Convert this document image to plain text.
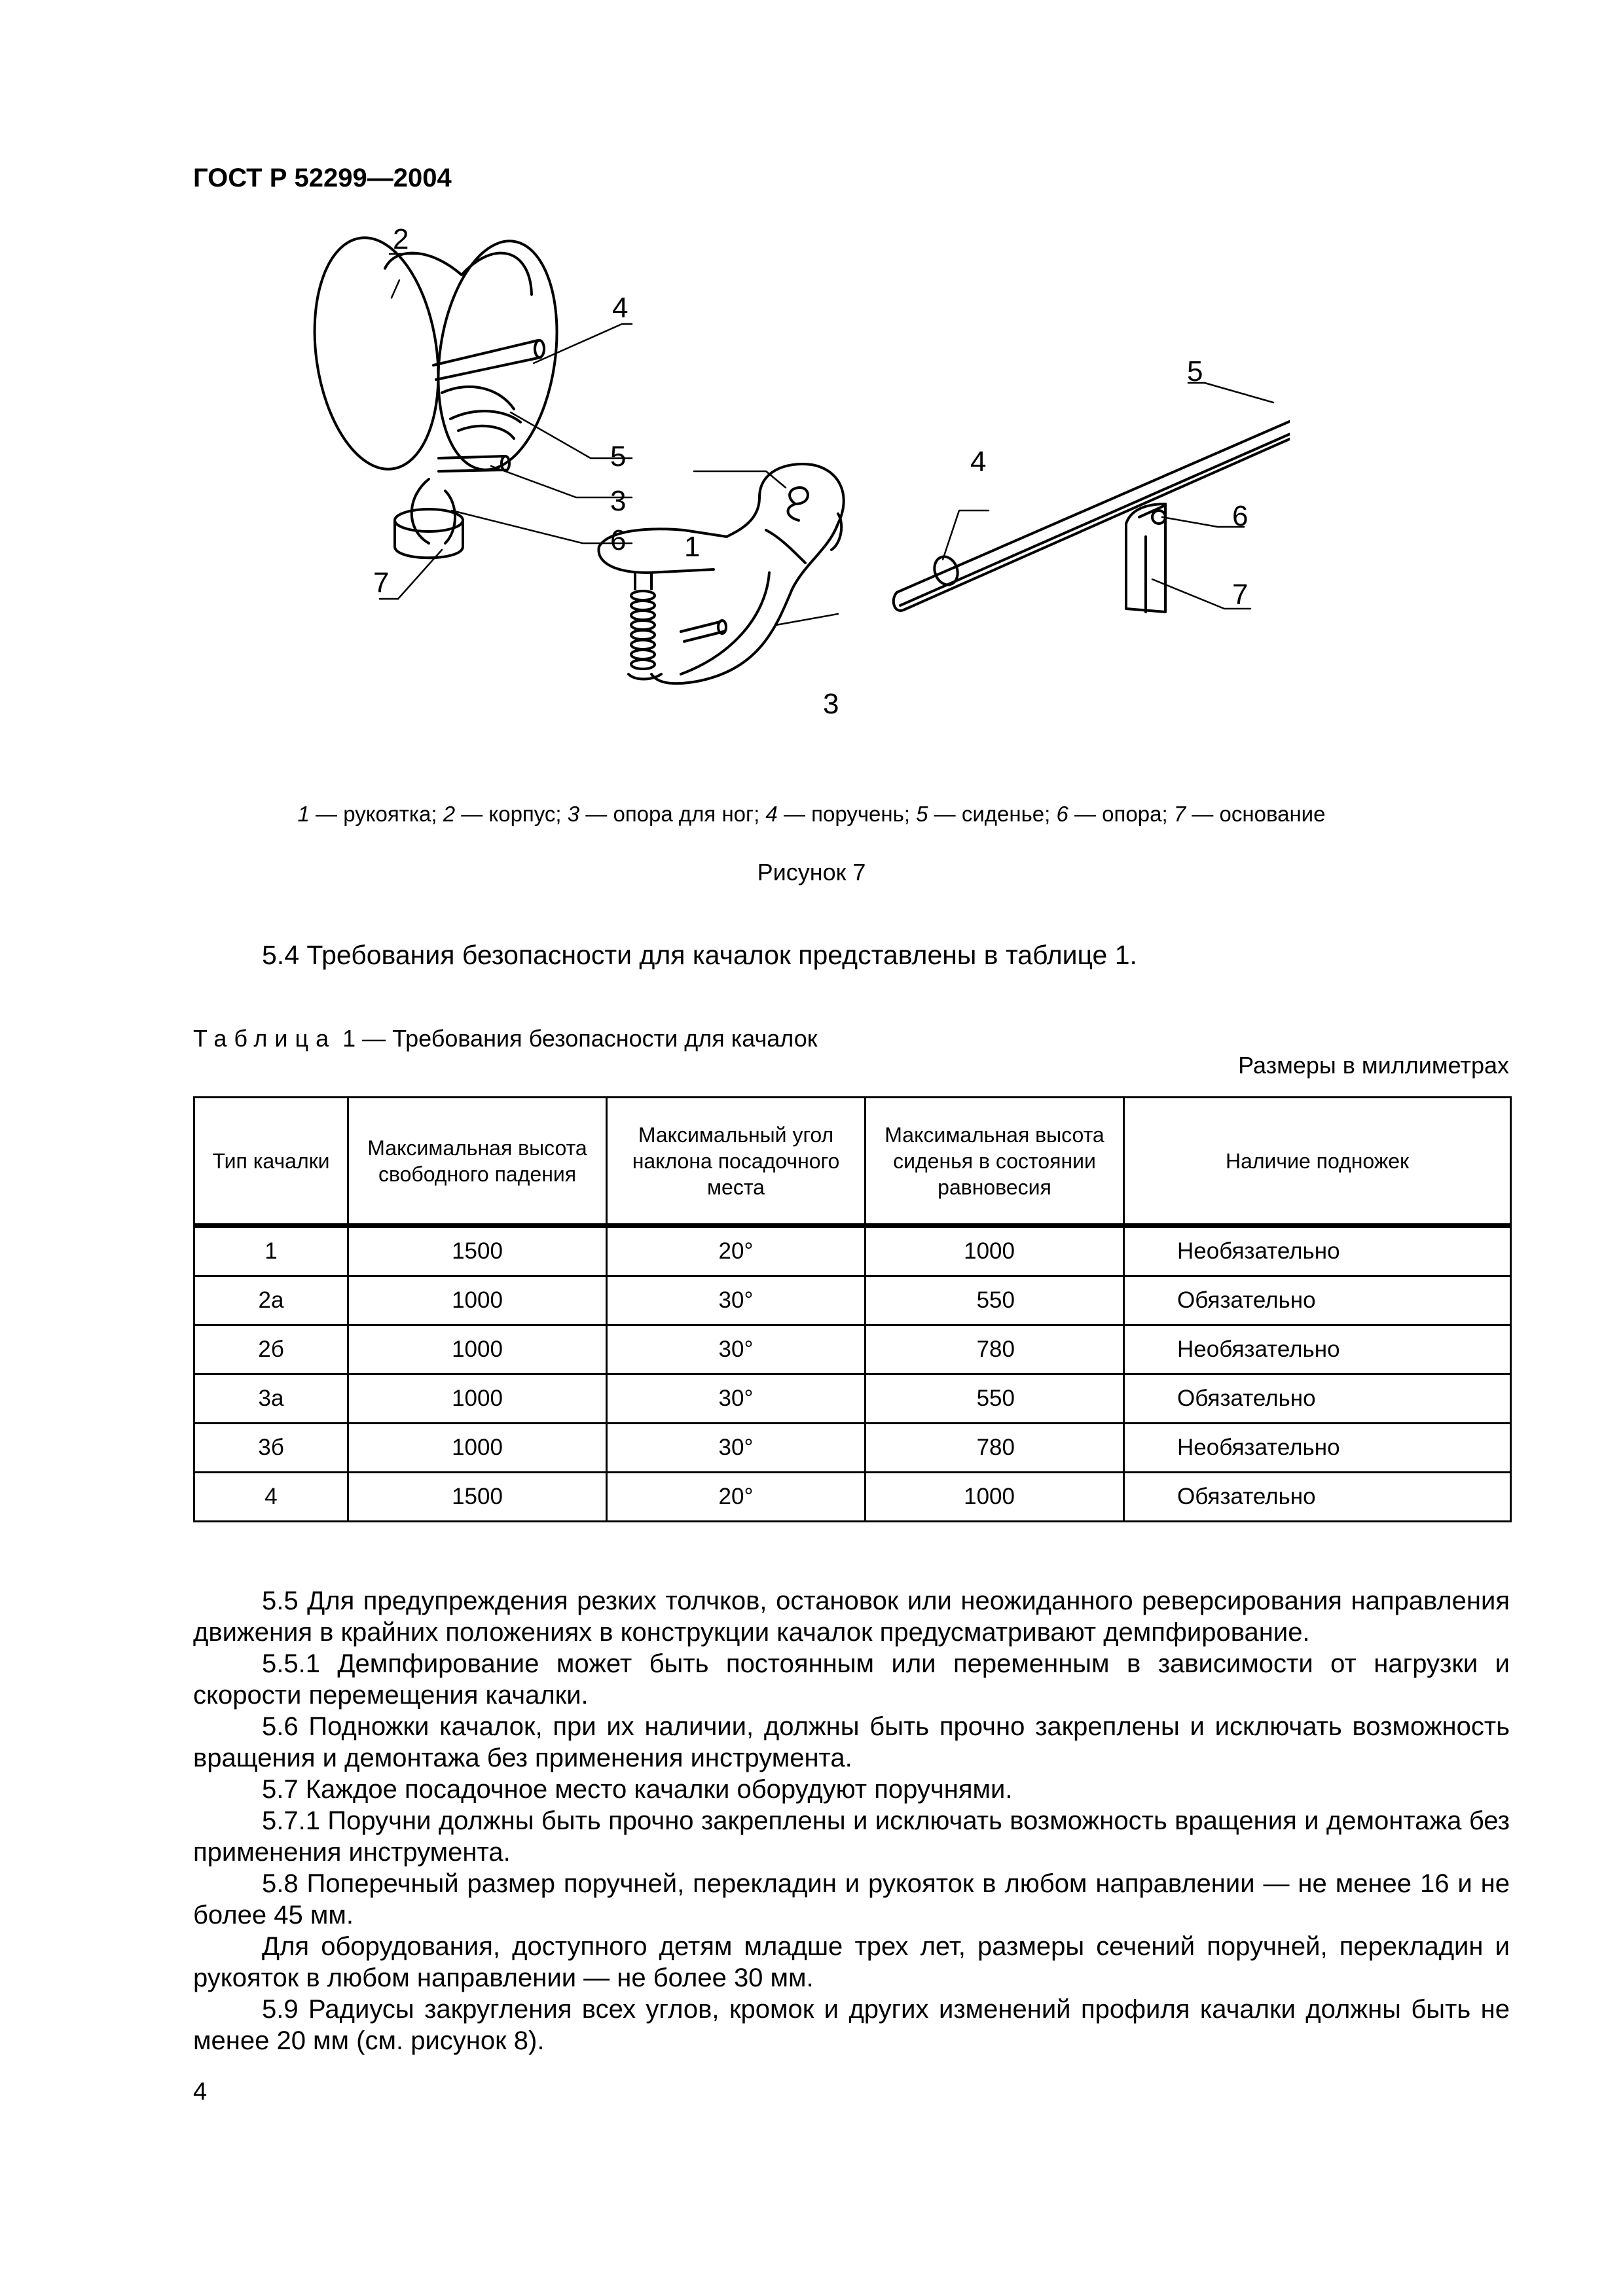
ГОСТ Р 52299—2004
2
4
5
3
6
7
1
3
5
4
6
7
1 — рукоятка; 2 — корпус; 3 — опора для ног; 4 — поручень; 5 — сиденье; 6 — опора; 7 — основание
Рисунок 7
5.4 Требования безопасности для качалок представлены в таблице 1.
Таблица 1 — Требования безопасности для качалок
Размеры в миллиметрах
Тип качалки	Максимальная высота свободного падения	Максимальный угол наклона посадочного места	Максимальная высота сиденья в состоянии равновесия	Наличие подножек
1	1500	20°	1000	Необязательно
2а	1000	30°	550	Обязательно
2б	1000	30°	780	Необязательно
3а	1000	30°	550	Обязательно
3б	1000	30°	780	Необязательно
4	1500	20°	1000	Обязательно

5.5 Для предупреждения резких толчков, остановок или неожиданного реверсирования направления движения в крайних положениях в конструкции качалок предусматривают демпфирование.

5.5.1 Демпфирование может быть постоянным или переменным в зависимости от нагрузки и скорости перемещения качалки.

5.6 Подножки качалок, при их наличии, должны быть прочно закреплены и исключать возможность вращения и демонтажа без применения инструмента.

5.7 Каждое посадочное место качалки оборудуют поручнями.

5.7.1 Поручни должны быть прочно закреплены и исключать возможность вращения и демонтажа без применения инструмента.

5.8 Поперечный размер поручней, перекладин и рукояток в любом направлении — не менее 16 и не более 45 мм.

Для оборудования, доступного детям младше трех лет, размеры сечений поручней, перекладин и рукояток в любом направлении — не более 30 мм.

5.9 Радиусы закругления всех углов, кромок и других изменений профиля качалки должны быть не менее 20 мм (см. рисунок 8).

4
